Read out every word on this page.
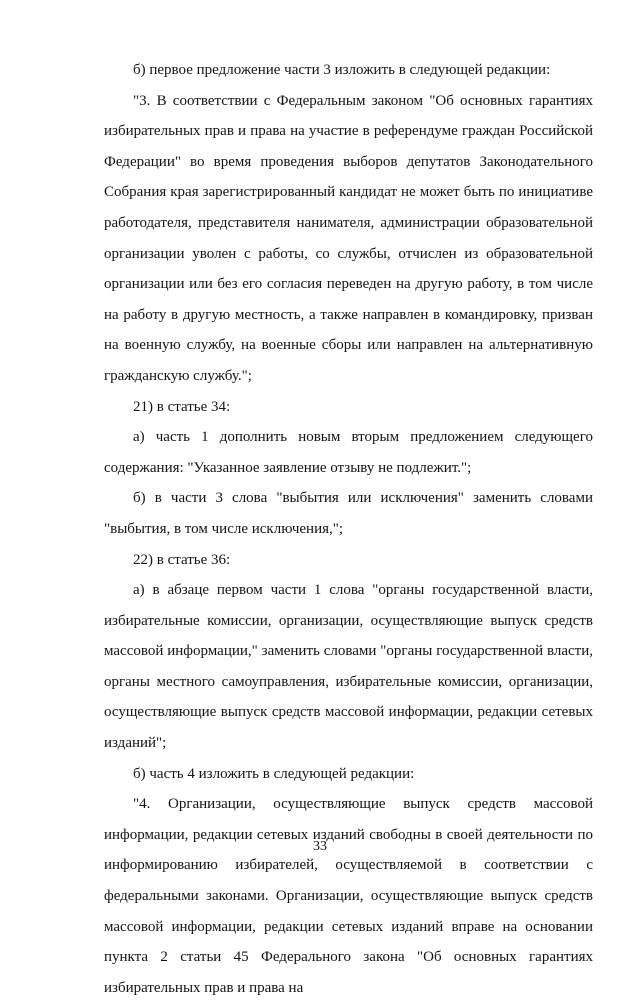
б) первое предложение части 3 изложить в следующей редакции:

"3. В соответствии с Федеральным законом "Об основных гарантиях избирательных прав и права на участие в референдуме граждан Российской Федерации" во время проведения выборов депутатов Законодательного Собрания края зарегистрированный кандидат не может быть по инициативе работодателя, представителя нанимателя, администрации образовательной организации уволен с работы, со службы, отчислен из образовательной организации или без его согласия переведен на другую работу, в том числе на работу в другую местность, а также направлен в командировку, призван на военную службу, на военные сборы или направлен на альтернативную гражданскую службу.";

21) в статье 34:

а) часть 1 дополнить новым вторым предложением следующего содержания: "Указанное заявление отзыву не подлежит.";

б) в части 3 слова "выбытия или исключения" заменить словами "выбытия, в том числе исключения,";

22) в статье 36:

а) в абзаце первом части 1 слова "органы государственной власти, избирательные комиссии, организации, осуществляющие выпуск средств массовой информации," заменить словами "органы государственной власти, органы местного самоуправления, избирательные комиссии, организации, осуществляющие выпуск средств массовой информации, редакции сетевых изданий";

б) часть 4 изложить в следующей редакции:

"4. Организации, осуществляющие выпуск средств массовой информации, редакции сетевых изданий свободны в своей деятельности по информированию избирателей, осуществляемой в соответствии с федеральными законами. Организации, осуществляющие выпуск средств массовой информации, редакции сетевых изданий вправе на основании пункта 2 статьи 45 Федерального закона "Об основных гарантиях избирательных прав и права на

33
